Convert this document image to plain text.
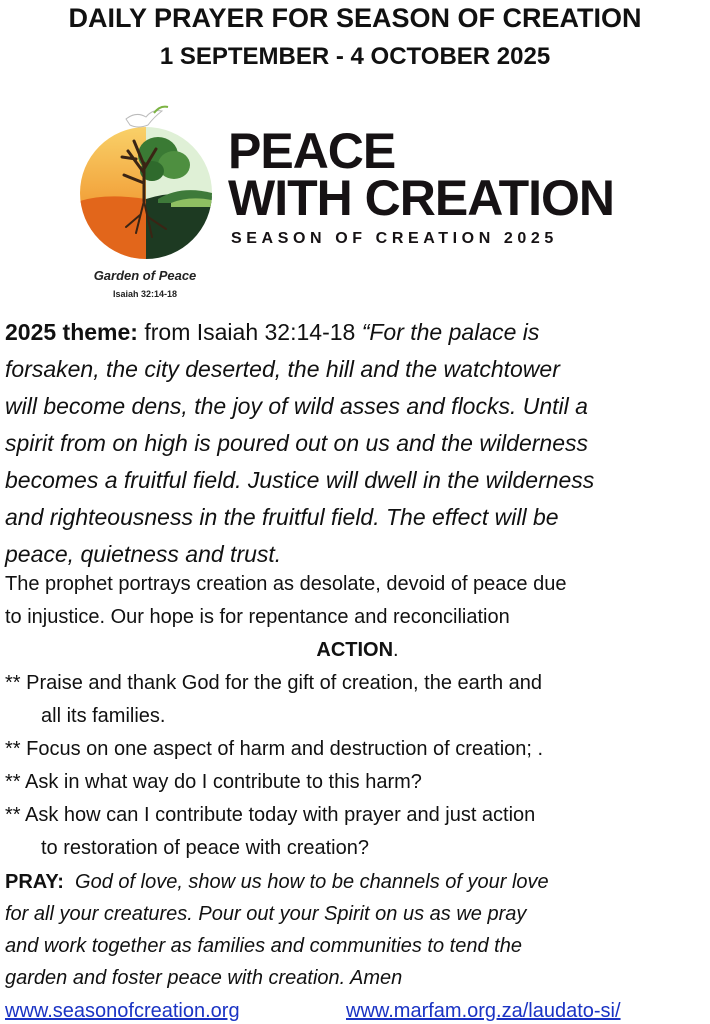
DAILY PRAYER FOR SEASON OF CREATION
1 SEPTEMBER - 4 OCTOBER 2025
Garden of Peace
Isaiah 32:14-18
PEACE
WITH CREATION
SEASON OF CREATION 2025
2025 theme: from Isaiah 32:14-18 “For the palace is
forsaken, the city deserted, the hill and the watchtower
will become dens, the joy of wild asses and flocks. Until a
spirit from on high is poured out on us and the wilderness
becomes a fruitful field. Justice will dwell in the wilderness
and righteousness in the fruitful field. The effect will be
peace, quietness and trust.
The prophet portrays creation as desolate, devoid of peace due
to injustice. Our hope is for repentance and reconciliation
ACTION.
** Praise and thank God for the gift of creation, the earth and
all its families.
** Focus on one aspect of harm and destruction of creation; .
** Ask in what way do I contribute to this harm?
** Ask how can I contribute today with prayer and just action
to restoration of peace with creation?
PRAY: God of love, show us how to be channels of your love
for all your creatures. Pour out your Spirit on us as we pray
and work together as families and communities to tend the
garden and foster peace with creation. Amen
www.seasonofcreation.org	www.marfam.org.za/laudato-si/
